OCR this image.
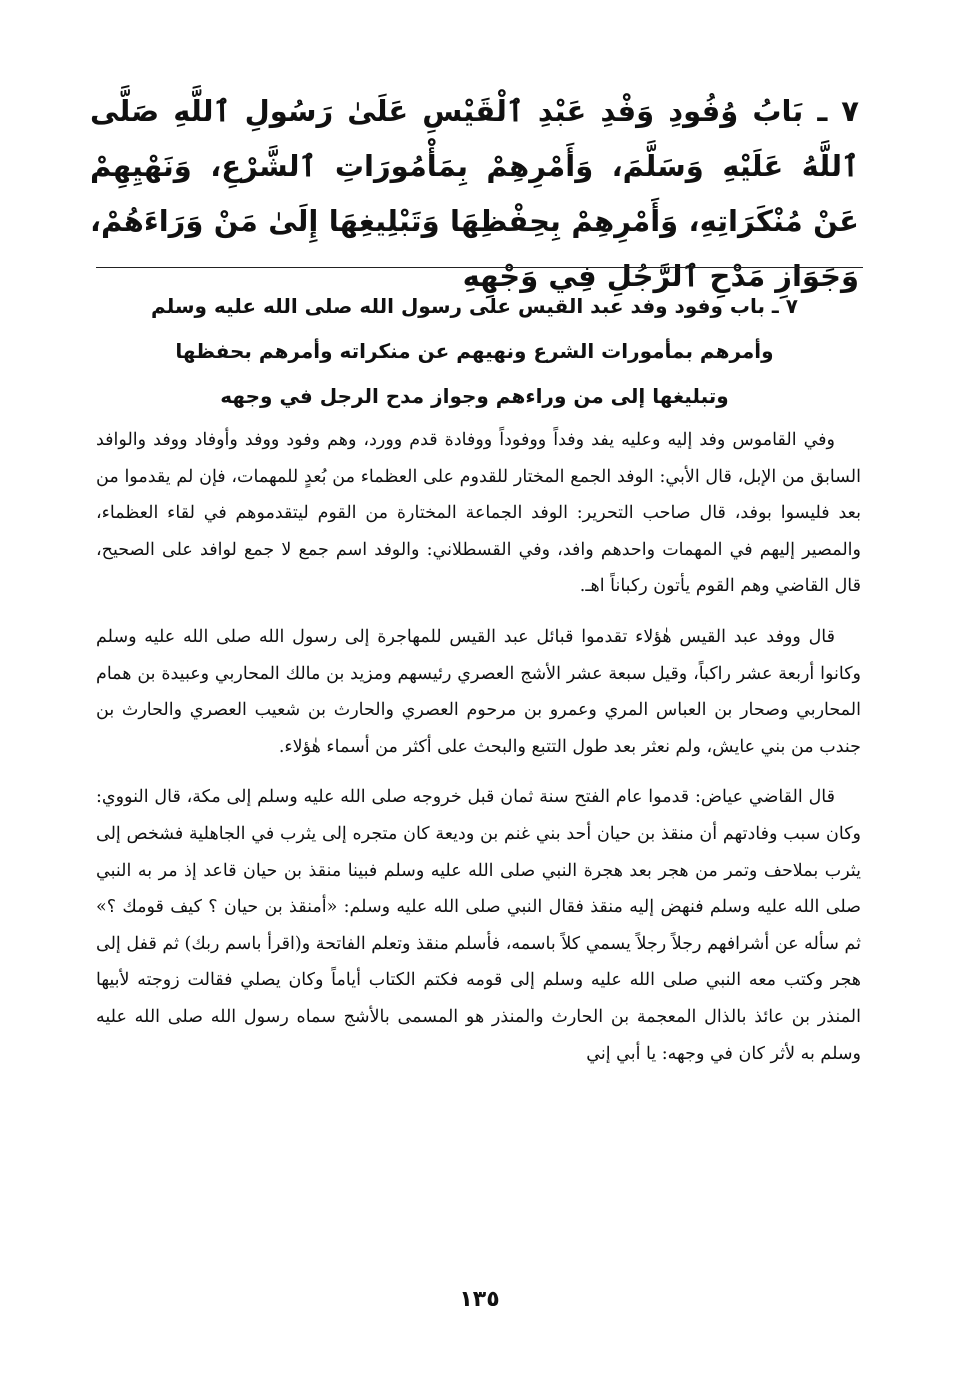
٧ ـ بَابُ وُفُودِ وَفْدِ عَبْدِ ٱلْقَيْسِ عَلَىٰ رَسُولِ ٱللَّهِ صَلَّى ٱللَّهُ عَلَيْهِ وَسَلَّمَ، وَأَمْرِهِمْ بِمَأْمُورَاتِ ٱلشَّرْعِ، وَنَهْيِهِمْ عَنْ مُنْكَرَاتِهِ، وَأَمْرِهِمْ بِحِفْظِهَا وَتَبْلِيغِهَا إِلَىٰ مَنْ وَرَاءَهُمْ، وَجَوَازِ مَدْحِ ٱلرَّجُلِ فِي وَجْهِهِ
٧ ـ باب وفود وفد عبد القيس على رسول الله صلى الله عليه وسلم
وأمرهم بمأمورات الشرع ونهيهم عن منكراته وأمرهم بحفظها
وتبليغها إلى من وراءهم وجواز مدح الرجل في وجهه

وفي القاموس وفد إليه وعليه يفد وفداً ووفوداً ووفادة قدم وورد، وهم وفود ووفد وأوفاد ووفد والوافد السابق من الإبل، قال الأبي: الوفد الجمع المختار للقدوم على العظماء من بُعدٍ للمهمات، فإن لم يقدموا من بعد فليسوا بوفد، قال صاحب التحرير: الوفد الجماعة المختارة من القوم ليتقدموهم في لقاء العظماء، والمصير إليهم في المهمات واحدهم وافد، وفي القسطلاني: والوفد اسم جمع لا جمع لوافد على الصحيح، قال القاضي وهم القوم يأتون ركباناً اهـ.

قال ووفد عبد القيس هٰؤلاء تقدموا قبائل عبد القيس للمهاجرة إلى رسول الله صلى الله عليه وسلم وكانوا أربعة عشر راكباً، وقيل سبعة عشر الأشج العصري رئيسهم ومزيد بن مالك المحاربي وعبيدة بن همام المحاربي وصحار بن العباس المري وعمرو بن مرحوم العصري والحارث بن شعيب العصري والحارث بن جندب من بني عايش، ولم نعثر بعد طول التتبع والبحث على أكثر من أسماء هٰؤلاء.

قال القاضي عياض: قدموا عام الفتح سنة ثمان قبل خروجه صلى الله عليه وسلم إلى مكة، قال النووي: وكان سبب وفادتهم أن منقذ بن حيان أحد بني غنم بن وديعة كان متجره إلى يثرب في الجاهلية فشخص إلى يثرب بملاحف وتمر من هجر بعد هجرة النبي صلى الله عليه وسلم فبينا منقذ بن حيان قاعد إذ مر به النبي صلى الله عليه وسلم فنهض إليه منقذ فقال النبي صلى الله عليه وسلم: «أمنقذ بن حيان ؟ كيف قومك ؟» ثم سأله عن أشرافهم رجلاً رجلاً يسمي كلاً باسمه، فأسلم منقذ وتعلم الفاتحة و(اقرأ باسم ربك) ثم قفل إلى هجر وكتب معه النبي صلى الله عليه وسلم إلى قومه فكتم الكتاب أياماً وكان يصلي فقالت زوجته لأبيها المنذر بن عائذ بالذال المعجمة بن الحارث والمنذر هو المسمى بالأشج سماه رسول الله صلى الله عليه وسلم به لأثر كان في وجهه: يا أبي إني

١٣٥
